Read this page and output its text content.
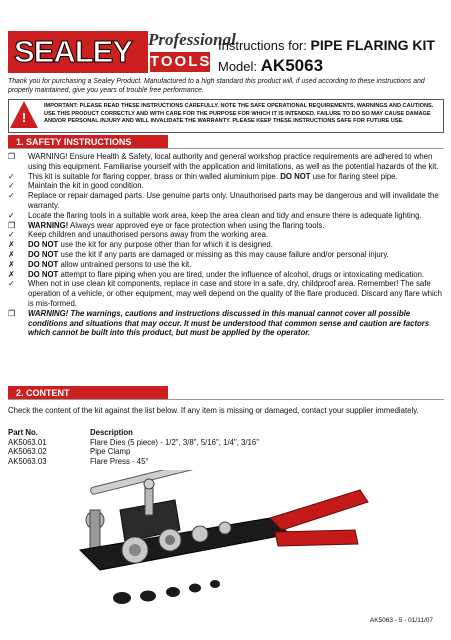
SEALEY Professional
TOOLS
Instructions for: PIPE FLARING KIT
Model: AK5063
Thank you for purchasing a Sealey Product. Manufactured to a high standard this product will, if used according to these instructions and properly maintained, give you years of trouble free performance.
!
IMPORTANT: PLEASE READ THESE INSTRUCTIONS CAREFULLY. NOTE THE SAFE OPERATIONAL REQUIREMENTS, WARNINGS AND CAUTIONS. USE THIS PRODUCT CORRECTLY AND WITH CARE FOR THE PURPOSE FOR WHICH IT IS INTENDED. FAILURE TO DO SO MAY CAUSE DAMAGE AND/OR PERSONAL INJURY AND WILL INVALIDATE THE WARRANTY. PLEASE KEEP THESE INSTRUCTIONS SAFE FOR FUTURE USE.
1. SAFETY INSTRUCTIONS
❒	WARNING! Ensure Health & Safety, local authority and general workshop practice requirements are adhered to when using this equipment. Familiarise yourself with the application and limitations, as well as the potential hazards of the kit.
✓	This kit is suitable for flaring copper, brass or thin walled aluminium pipe. DO NOT use for flaring steel pipe.
✓	Maintain the kit in good condition.
✓	Replace or repair damaged parts. Use genuine parts only. Unauthorised parts may be dangerous and will invalidate the warranty.
✓	Locate the flaring tools in a suitable work area, keep the area clean and tidy and ensure there is adequate lighting.
❒	WARNING! Always wear approved eye or face protection when using the flaring tools.
✓	Keep children and unauthorised persons away from the working area.
✗	DO NOT use the kit for any purpose other than for which it is designed.
✗	DO NOT use the kit if any parts are damaged or missing as this may cause failure and/or personal injury.
✗	DO NOT allow untrained persons to use the kit.
✗	DO NOT attempt to flare piping when you are tired, under the influence of alcohol, drugs or intoxicating medication.
✓	When not in use clean kit components, replace in case and store in a safe, dry, childproof area. Remember! The safe operation of a vehicle, or other equipment, may well depend on the quality of the flare produced. Discard any flare which is mis-formed.
❒	WARNING! The warnings, cautions and instructions discussed in this manual cannot cover all possible conditions and situations that may occur. It must be understood that common sense and caution are factors which cannot be built into this product, but must be applied by the operator.
2. CONTENT
Check the content of the kit against the list below. If any item is missing or damaged, contact your supplier immediately.
Part No.	Description
AK5063.01	Flare Dies (5 piece) - 1/2", 3/8", 5/16", 1/4", 3/16"
AK5063.02	Pipe Clamp
AK5063.03	Flare Press - 45°
AK5063 - 5 - 01/11/07
